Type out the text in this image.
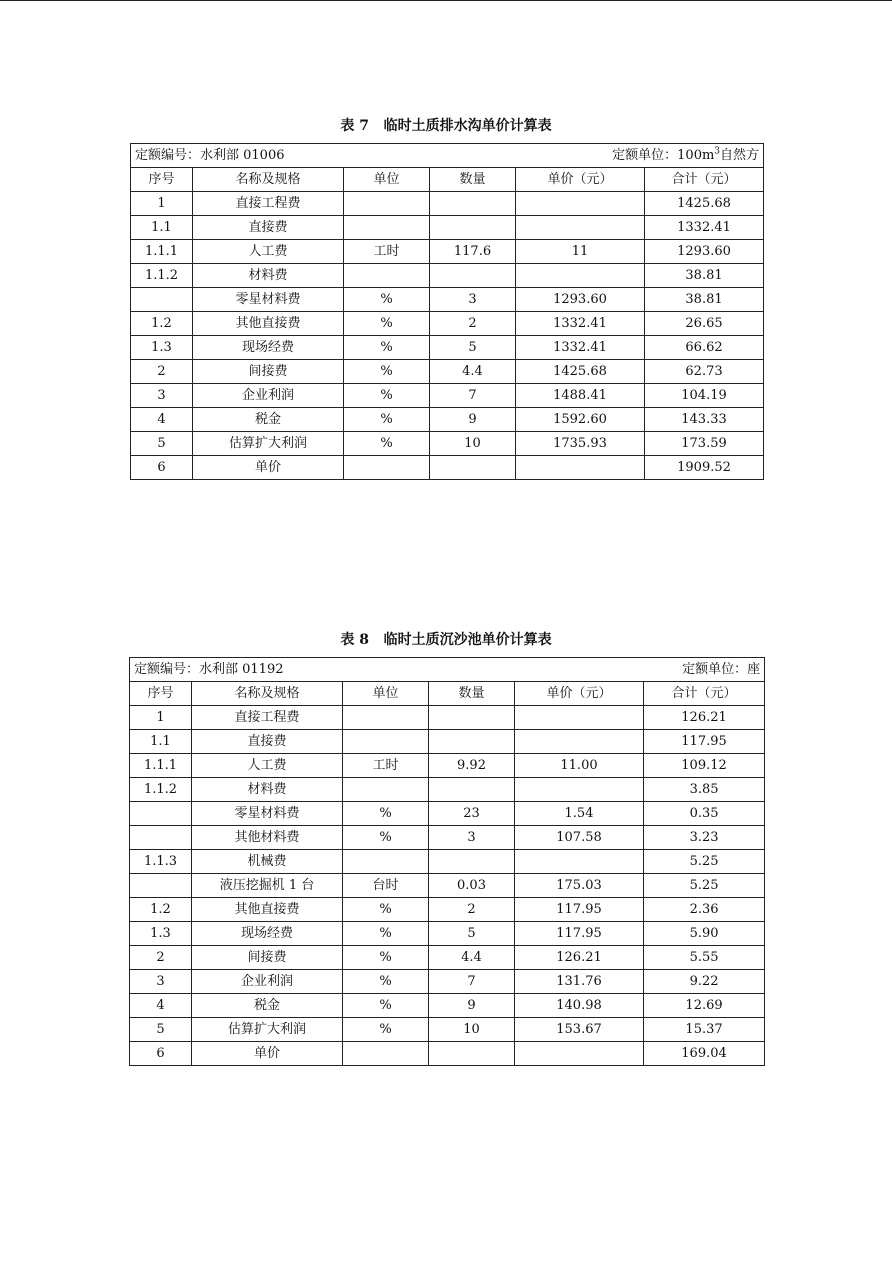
表 7   临时土质排水沟单价计算表
定额编号：水利部 01006 定额单位：$100m^3$自然方					

序号	名称及规格	单位	数量	单价（元）	合计（元）
1	直接工程费				1425.68
1.1	直接费				1332.41
1.1.1	人工费	工时	117.6	11	1293.60
1.1.2	材料费				38.81
	零星材料费	%	3	1293.60	38.81
1.2	其他直接费	%	2	1332.41	26.65
1.3	现场经费	%	5	1332.41	66.62
2	间接费	%	4.4	1425.68	62.73
3	企业利润	%	7	1488.41	104.19
4	税金	%	9	1592.60	143.33
5	估算扩大利润	%	10	1735.93	173.59
6	单价				1909.52
表 8   临时土质沉沙池单价计算表
定额编号：水利部 01192 定额单位：座					

序号	名称及规格	单位	数量	单价（元）	合计（元）
1	直接工程费				126.21
1.1	直接费				117.95
1.1.1	人工费	工时	9.92	11.00	109.12
1.1.2	材料费				3.85
	零星材料费	%	23	1.54	0.35
	其他材料费	%	3	107.58	3.23
1.1.3	机械费				5.25
	液压挖掘机 1 台	台时	0.03	175.03	5.25
1.2	其他直接费	%	2	117.95	2.36
1.3	现场经费	%	5	117.95	5.90
2	间接费	%	4.4	126.21	5.55
3	企业利润	%	7	131.76	9.22
4	税金	%	9	140.98	12.69
5	估算扩大利润	%	10	153.67	15.37
6	单价				169.04
